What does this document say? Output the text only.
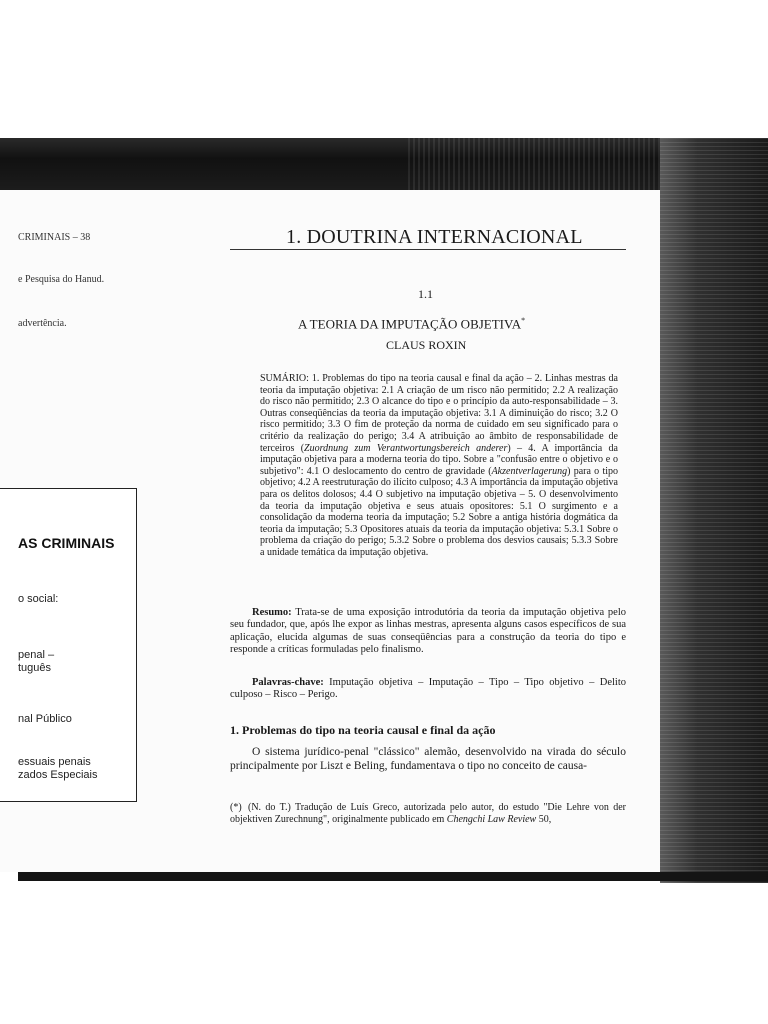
CRIMINAIS – 38
e Pesquisa do Hanud.
advertência.
AS CRIMINAIS
o social:
penal –
tuguês
nal Público
essuais penais
zados Especiais
1. DOUTRINA INTERNACIONAL
1.1
A TEORIA DA IMPUTAÇÃO OBJETIVA*
CLAUS ROXIN
SUMÁRIO: 1. Problemas do tipo na teoria causal e final da ação – 2. Linhas mestras da teoria da imputação objetiva: 2.1 A criação de um risco não permitido; 2.2 A realização do risco não permitido; 2.3 O alcance do tipo e o princípio da auto-responsabilidade – 3. Outras conseqüências da teoria da imputação objetiva: 3.1 A diminuição do risco; 3.2 O risco permitido; 3.3 O fim de proteção da norma de cuidado em seu significado para o critério da realização do perigo; 3.4 A atribuição ao âmbito de responsabilidade de terceiros (Zuordnung zum Verantwortungsbereich anderer) – 4. A importância da imputação objetiva para a moderna teoria do tipo. Sobre a "confusão entre o objetivo e o subjetivo": 4.1 O deslocamento do centro de gravidade (Akzentverlagerung) para o tipo objetivo; 4.2 A reestruturação do ilícito culposo; 4.3 A importância da imputação objetiva para os delitos dolosos; 4.4 O subjetivo na imputação objetiva – 5. O desenvolvimento da teoria da imputação objetiva e seus atuais opositores: 5.1 O surgimento e a consolidação da moderna teoria da imputação; 5.2 Sobre a antiga história dogmática da teoria da imputação; 5.3 Opositores atuais da teoria da imputação objetiva: 5.3.1 Sobre o problema da criação do perigo; 5.3.2 Sobre o problema dos desvios causais; 5.3.3 Sobre a unidade temática da imputação objetiva.
Resumo: Trata-se de uma exposição introdutória da teoria da imputação objetiva pelo seu fundador, que, após lhe expor as linhas mestras, apresenta alguns casos específicos de sua aplicação, elucida algumas de suas conseqüências para a construção da teoria do tipo e responde a críticas formuladas pelo finalismo.
Palavras-chave: Imputação objetiva – Imputação – Tipo – Tipo objetivo – Delito culposo – Risco – Perigo.
1. Problemas do tipo na teoria causal e final da ação
O sistema jurídico-penal "clássico" alemão, desenvolvido na virada do século principalmente por Liszt e Beling, fundamentava o tipo no conceito de causa-
(*) (N. do T.) Tradução de Luís Greco, autorizada pelo autor, do estudo "Die Lehre von der objektiven Zurechnung", originalmente publicado em Chengchi Law Review 50,
